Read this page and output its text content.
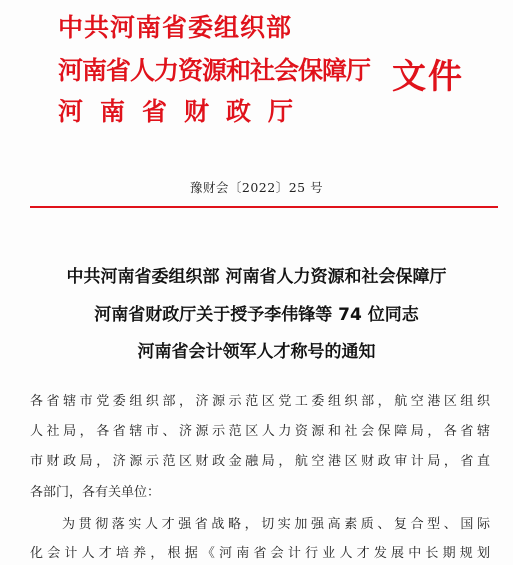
中共河南省委组织部
河南省人力资源和社会保障厅
河南省财政厅
文件
豫财会〔2022〕25 号
中共河南省委组织部 河南省人力资源和社会保障厅
河南省财政厅关于授予李伟锋等 74 位同志
河南省会计领军人才称号的通知
各省辖市党委组织部，济源示范区党工委组织部，航空港区组织
人社局，各省辖市、济源示范区人力资源和社会保障局，各省辖
市财政局，济源示范区财政金融局，航空港区财政审计局，省直
各部门，各有关单位：
为贯彻落实人才强省战略，切实加强高素质、复合型、国际
化会计人才培养，根据《河南省会计行业人才发展中长期规划
